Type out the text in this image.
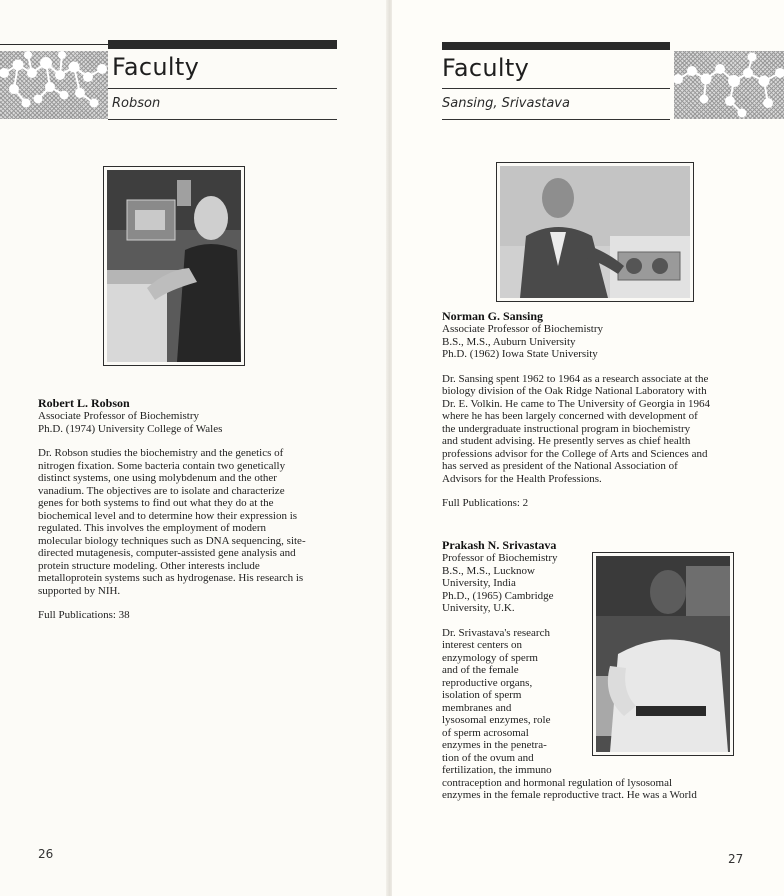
Faculty
Robson

Robert L. Robson

Associate Professor of Biochemistry

Ph.D. (1974) University College of Wales

Dr. Robson studies the biochemistry and the genetics of

nitrogen fixation. Some bacteria contain two genetically

distinct systems, one using molybdenum and the other

vanadium. The objectives are to isolate and characterize

genes for both systems to find out what they do at the

biochemical level and to determine how their expression is

regulated. This involves the employment of modern

molecular biology techniques such as DNA sequencing, site-

directed mutagenesis, computer-assisted gene analysis and

protein structure modeling. Other interests include

metalloprotein systems such as hydrogenase. His research is

supported by NIH.

Full Publications: 38

26
Faculty
Sansing, Srivastava

Norman G. Sansing

Associate Professor of Biochemistry

B.S., M.S., Auburn University

Ph.D. (1962) Iowa State University

Dr. Sansing spent 1962 to 1964 as a research associate at the

biology division of the Oak Ridge National Laboratory with

Dr. E. Volkin. He came to The University of Georgia in 1964

where he has been largely concerned with development of

the undergraduate instructional program in biochemistry

and student advising. He presently serves as chief health

professions advisor for the College of Arts and Sciences and

has served as president of the National Association of

Advisors for the Health Professions.

Full Publications: 2

Prakash N. Srivastava

Professor of Biochemistry

B.S., M.S., Lucknow

University, India

Ph.D., (1965) Cambridge

University, U.K.

Dr. Srivastava's research

interest centers on

enzymology of sperm

and of the female

reproductive organs,

isolation of sperm

membranes and

lysosomal enzymes, role

of sperm acrosomal

enzymes in the penetra-

tion of the ovum and

fertilization, the immuno

contraception and hormonal regulation of lysosomal

enzymes in the female reproductive tract. He was a World

27
